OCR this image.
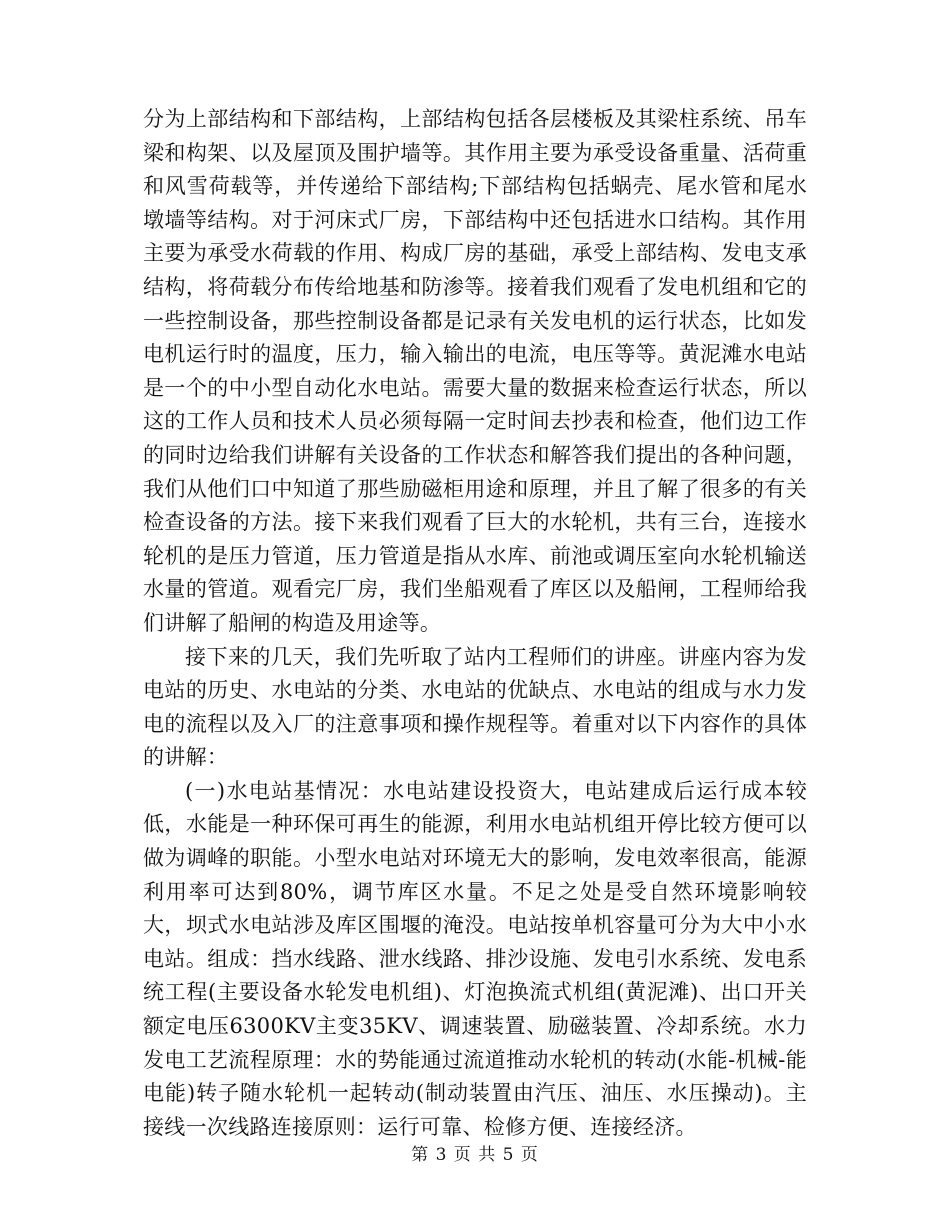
分为上部结构和下部结构，上部结构包括各层楼板及其梁柱系统、吊车梁和构架、以及屋顶及围护墙等。其作用主要为承受设备重量、活荷重和风雪荷载等，并传递给下部结构;下部结构包括蜗壳、尾水管和尾水墩墙等结构。对于河床式厂房，下部结构中还包括进水口结构。其作用主要为承受水荷载的作用、构成厂房的基础，承受上部结构、发电支承结构，将荷载分布传给地基和防渗等。接着我们观看了发电机组和它的一些控制设备，那些控制设备都是记录有关发电机的运行状态，比如发电机运行时的温度，压力，输入输出的电流，电压等等。黄泥滩水电站是一个的中小型自动化水电站。需要大量的数据来检查运行状态，所以这的工作人员和技术人员必须每隔一定时间去抄表和检查，他们边工作的同时边给我们讲解有关设备的工作状态和解答我们提出的各种问题，我们从他们口中知道了那些励磁柜用途和原理，并且了解了很多的有关检查设备的方法。接下来我们观看了巨大的水轮机，共有三台，连接水轮机的是压力管道，压力管道是指从水库、前池或调压室向水轮机输送水量的管道。观看完厂房，我们坐船观看了库区以及船闸，工程师给我们讲解了船闸的构造及用途等。

接下来的几天，我们先听取了站内工程师们的讲座。讲座内容为发电站的历史、水电站的分类、水电站的优缺点、水电站的组成与水力发电的流程以及入厂的注意事项和操作规程等。着重对以下内容作的具体的讲解：

(一)水电站基情况：水电站建设投资大，电站建成后运行成本较低，水能是一种环保可再生的能源，利用水电站机组开停比较方便可以做为调峰的职能。小型水电站对环境无大的影响，发电效率很高，能源利用率可达到80%，调节库区水量。不足之处是受自然环境影响较大，坝式水电站涉及库区围堰的淹没。电站按单机容量可分为大中小水电站。组成：挡水线路、泄水线路、排沙设施、发电引水系统、发电系统工程(主要设备水轮发电机组)、灯泡换流式机组(黄泥滩)、出口开关额定电压6300KV主变35KV、调速装置、励磁装置、冷却系统。水力发电工艺流程原理：水的势能通过流道推动水轮机的转动(水能-机械-能电能)转子随水轮机一起转动(制动装置由汽压、油压、水压操动)。主接线一次线路连接原则：运行可靠、检修方便、连接经济。

第 3 页 共 5 页
